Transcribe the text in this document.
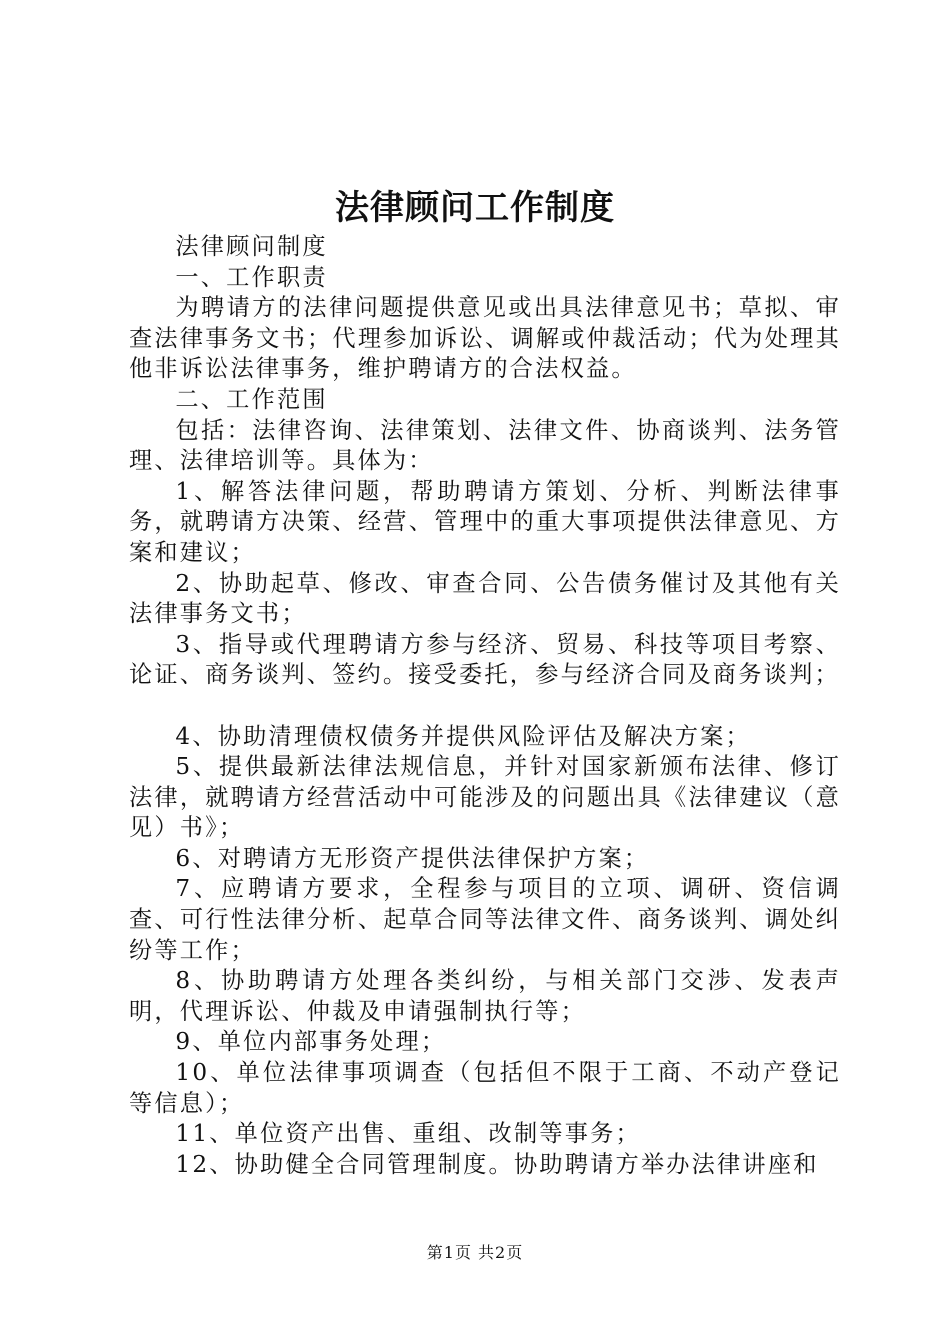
法律顾问工作制度

法律顾问制度

一、工作职责

为聘请方的法律问题提供意见或出具法律意见书；草拟、审查法律事务文书；代理参加诉讼、调解或仲裁活动；代为处理其他非诉讼法律事务，维护聘请方的合法权益。

二、工作范围

包括：法律咨询、法律策划、法律文件、协商谈判、法务管理、法律培训等。具体为：

1、解答法律问题，帮助聘请方策划、分析、判断法律事务，就聘请方决策、经营、管理中的重大事项提供法律意见、方案和建议；

2、协助起草、修改、审查合同、公告债务催讨及其他有关法律事务文书；

3、指导或代理聘请方参与经济、贸易、科技等项目考察、论证、商务谈判、签约。接受委托，参与经济合同及商务谈判；

4、协助清理债权债务并提供风险评估及解决方案；

5、提供最新法律法规信息，并针对国家新颁布法律、修订法律，就聘请方经营活动中可能涉及的问题出具《法律建议（意见）书》；

6、对聘请方无形资产提供法律保护方案；

7、应聘请方要求，全程参与项目的立项、调研、资信调查、可行性法律分析、起草合同等法律文件、商务谈判、调处纠纷等工作；

8、协助聘请方处理各类纠纷，与相关部门交涉、发表声明，代理诉讼、仲裁及申请强制执行等；

9、单位内部事务处理；

10、单位法律事项调查（包括但不限于工商、不动产登记等信息）；

11、单位资产出售、重组、改制等事务；

12、协助健全合同管理制度。协助聘请方举办法律讲座和

第1页 共2页
